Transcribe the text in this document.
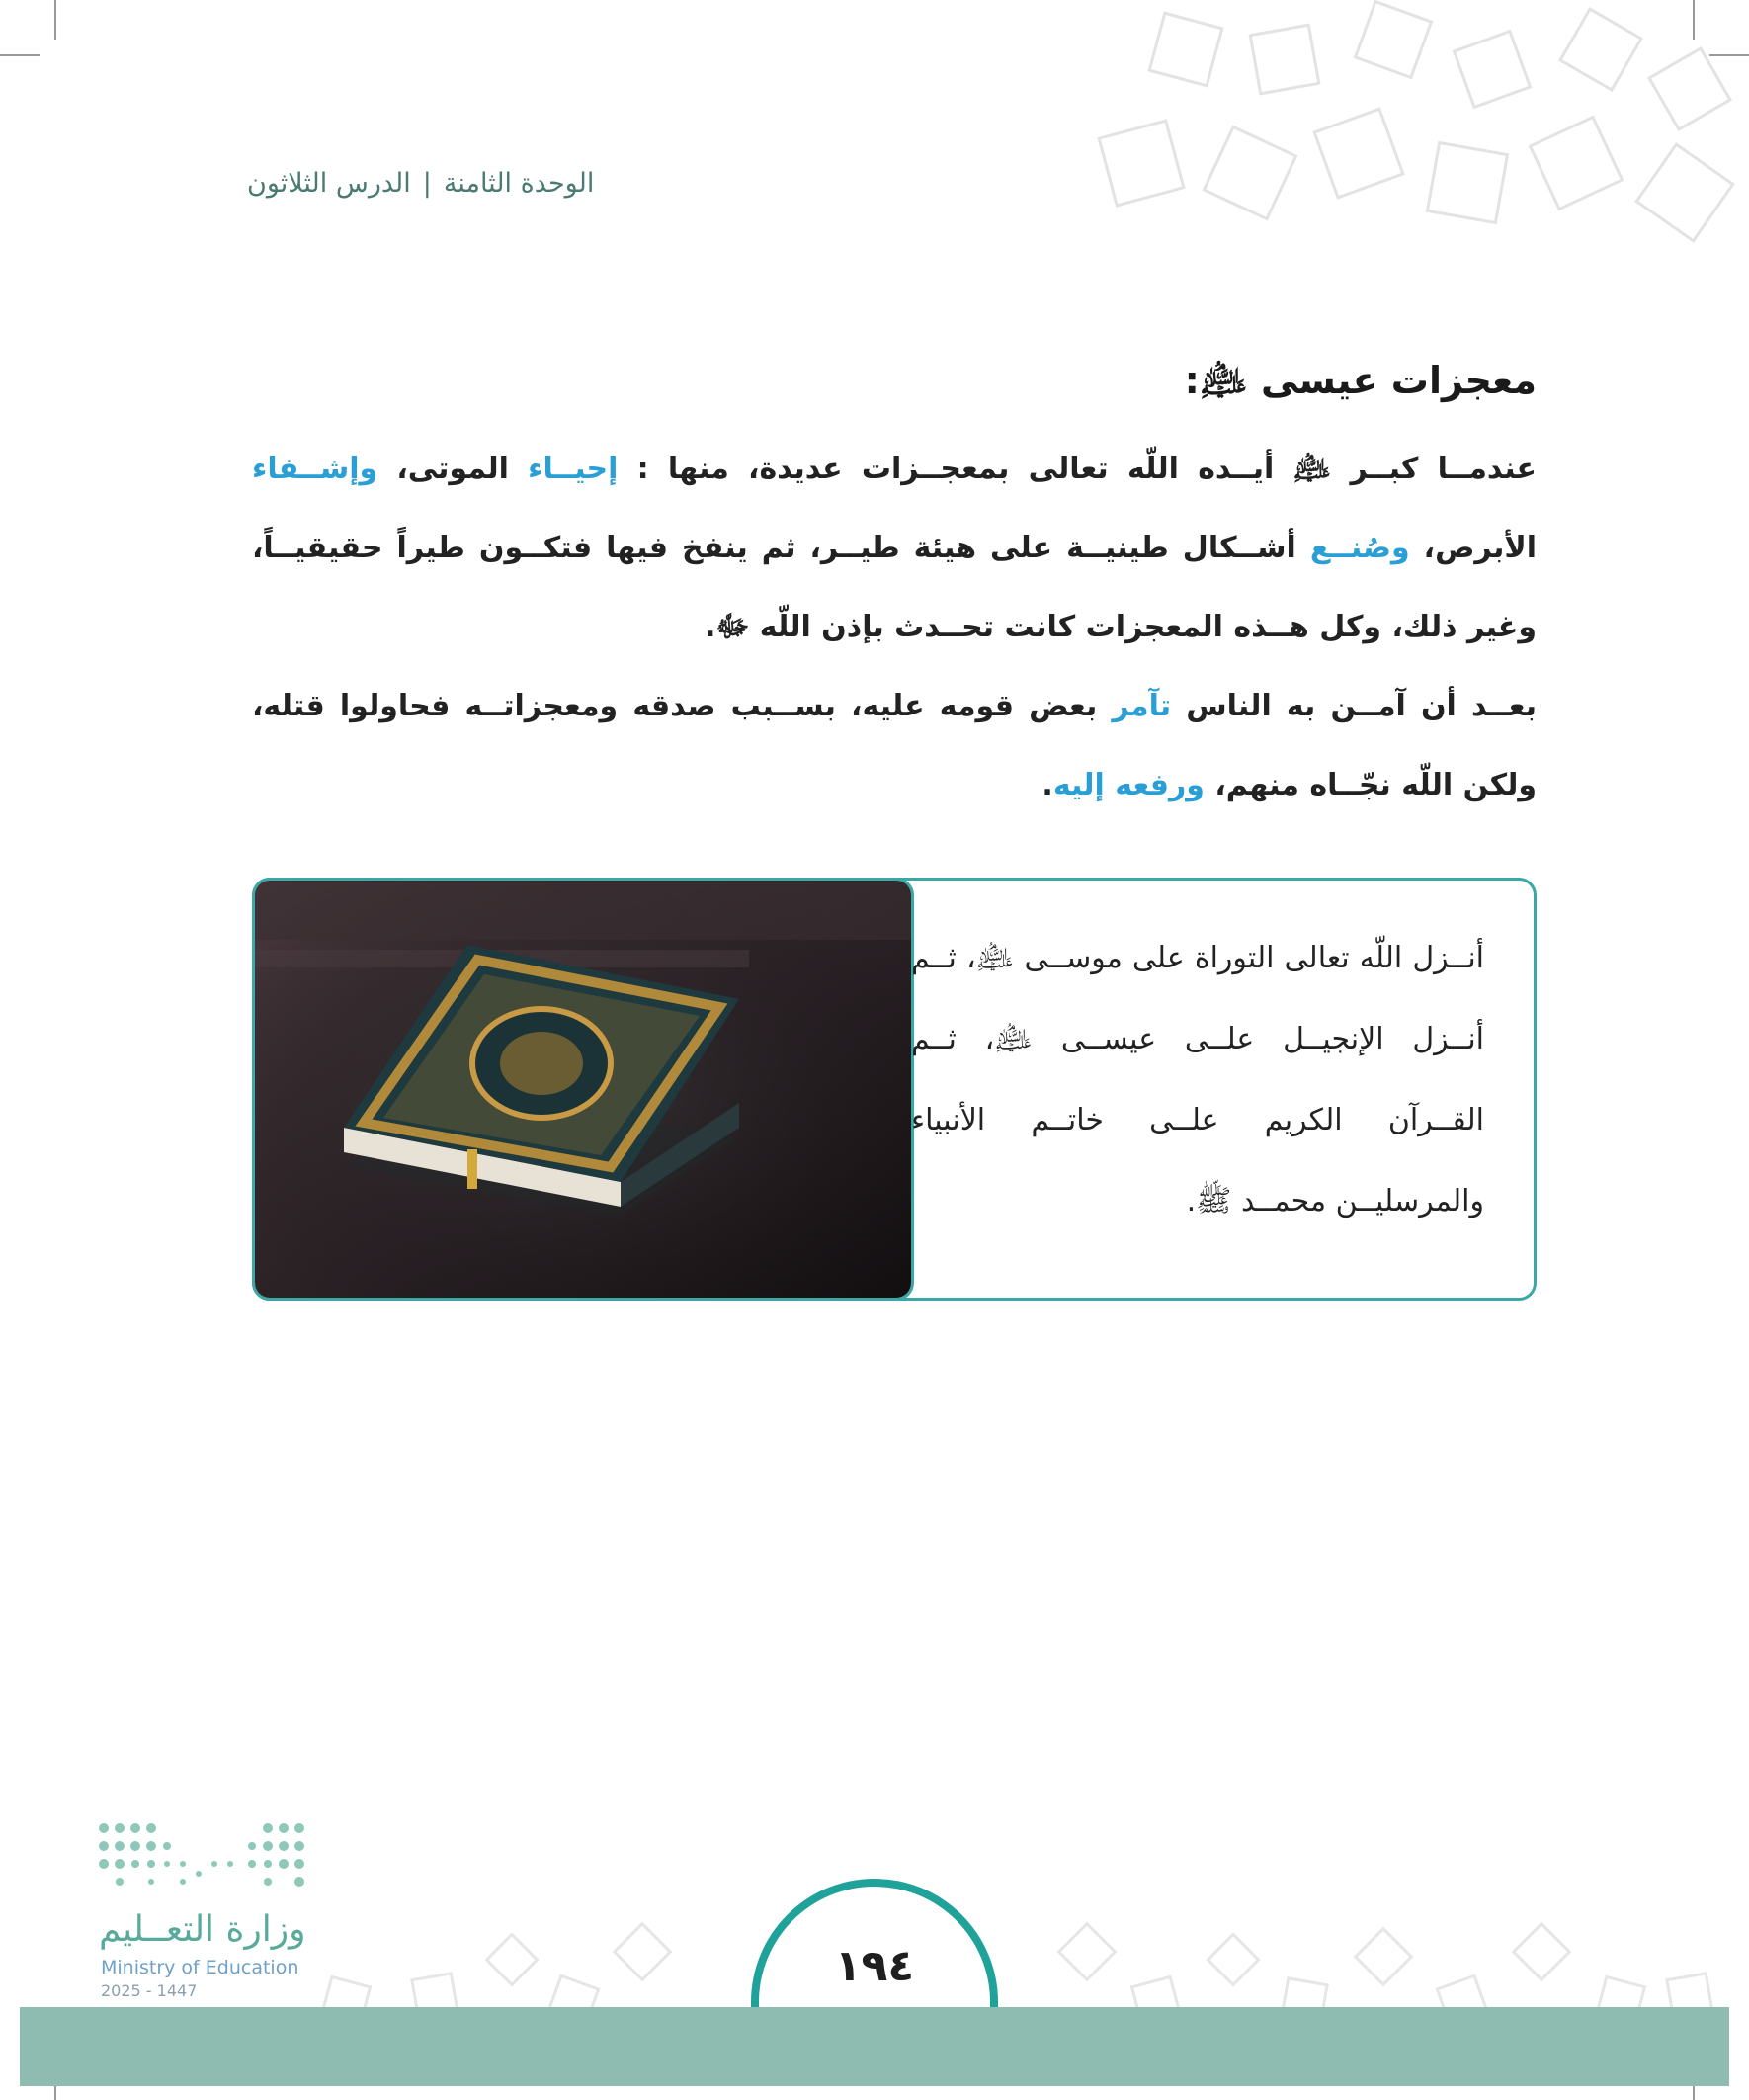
الوحدة الثامنة|الدرس الثلاثون
معجزات عيسى ﵇:
عندمــا كبــر ﵇ أيــده اللّه تعالى بمعجــزات عديدة، منها : إحيــاء الموتى، وإشــفاء الأبرص، وصُنــع أشــكال طينيــة على هيئة طيــر، ثم ينفخ فيها فتكــون طيراً حقيقيــاً، وغير ذلك، وكل هــذه المعجزات كانت تحــدث بإذن اللّه ﷻ.
بعــد أن آمــن به الناس تآمر بعض قومه عليه، بســبب صدقه ومعجزاتــه فحاولوا قتله، ولكن اللّه نجّــاه منهم، ورفعه إليه.
أنــزل اللّه تعالى التوراة على موســى ﵇، ثــم أنــزل الإنجيــل علــى عيســى ﵇، ثــم القــرآن الكريم علــى خاتــم الأنبياء والمرسليــن محمــد ﷺ.
وزارة التعــليم
Ministry of Education
2025 - 1447	١٩٤
